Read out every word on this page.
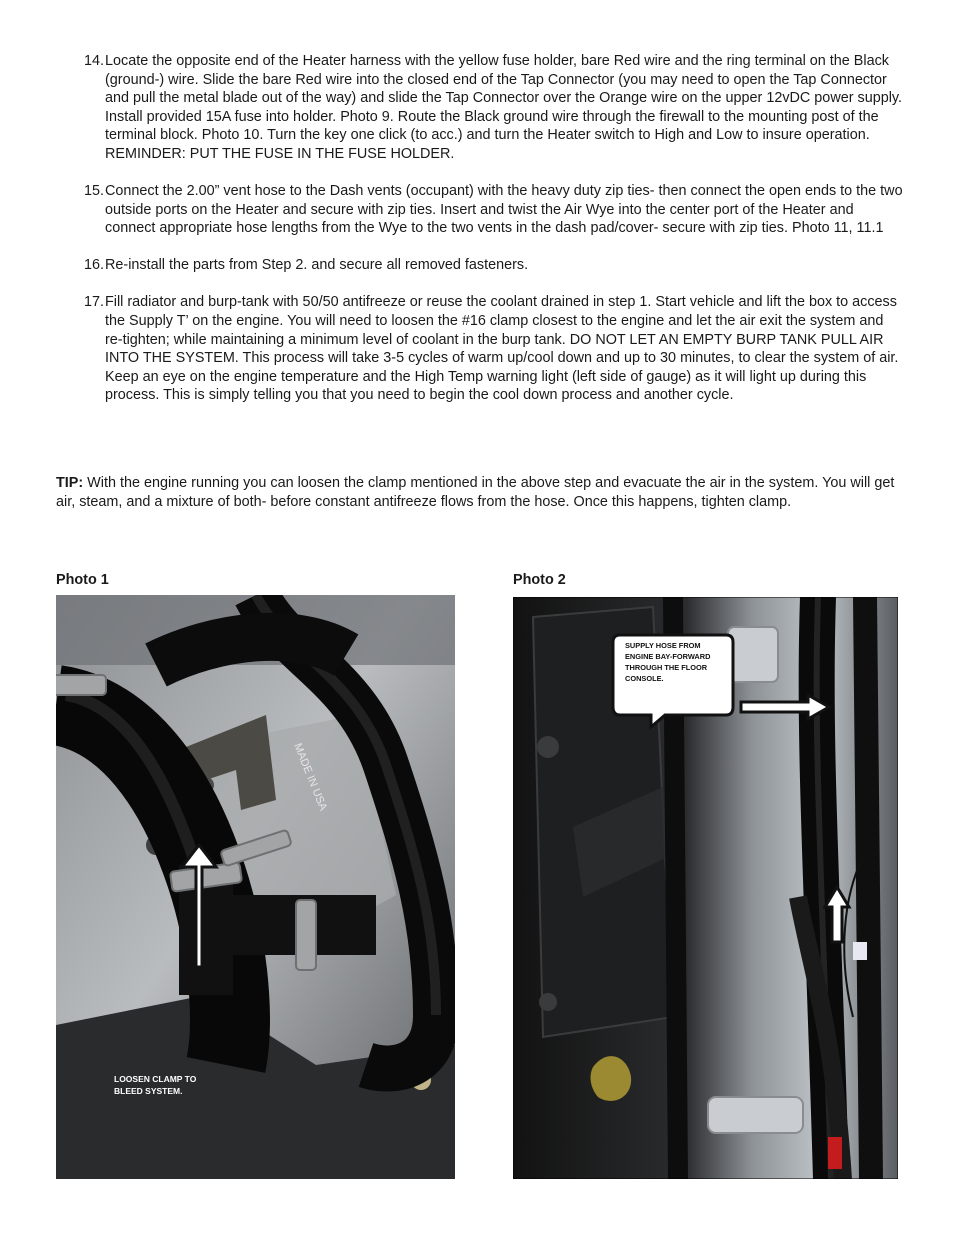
14. Locate the opposite end of the Heater harness with the yellow fuse holder, bare Red wire and the ring terminal on the Black (ground-) wire. Slide the bare Red wire into the closed end of the Tap Connector (you may need to open the Tap Connector and pull the metal blade out of the way) and slide the Tap Connector over the Orange wire on the upper 12vDC power supply. Install provided 15A fuse into holder. Photo 9. Route the Black ground wire through the firewall to the mounting post of the terminal block. Photo 10. Turn the key one click (to acc.) and turn the Heater switch to High and Low to insure operation. REMINDER: PUT THE FUSE IN THE FUSE HOLDER.
15. Connect the 2.00” vent hose to the Dash vents (occupant) with the heavy duty zip ties- then connect the open ends to the two outside ports on the Heater and secure with zip ties. Insert and twist the Air Wye into the center port of the Heater and connect appropriate hose lengths from the Wye to the two vents in the dash pad/cover- secure with zip ties. Photo 11, 11.1
16. Re-install the parts from Step 2. and secure all removed fasteners.
17. Fill radiator and burp-tank with 50/50 antifreeze or reuse the coolant drained in step 1. Start vehicle and lift the box to access the Supply T’ on the engine. You will need to loosen the #16 clamp closest to the engine and let the air exit the system and re-tighten; while maintaining a minimum level of coolant in the burp tank. DO NOT LET AN EMPTY BURP TANK PULL AIR INTO THE SYSTEM. This process will take 3-5 cycles of warm up/cool down and up to 30 minutes, to clear the system of air. Keep an eye on the engine temperature and the High Temp warning light (left side of gauge) as it will light up during this process. This is simply telling you that you need to begin the cool down process and another cycle.

TIP: With the engine running you can loosen the clamp mentioned in the above step and evacuate the air in the system. You will get air, steam, and a mixture of both- before constant antifreeze flows from the hose. Once this happens, tighten clamp.

Photo 1	Photo 2
MADE IN USA
LOOSEN CLAMP TO
BLEED SYSTEM.
SUPPLY HOSE FROM
ENGINE BAY-FORWARD
THROUGH THE FLOOR
CONSOLE.
